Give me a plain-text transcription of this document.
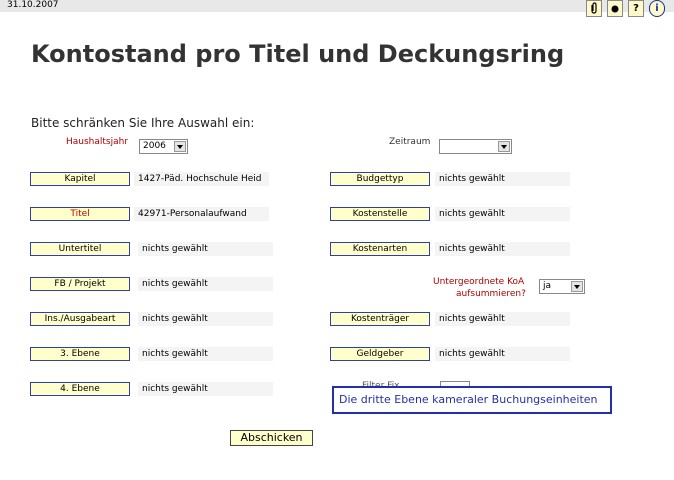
31.10.2007	?	i
Kontostand pro Titel und Deckungsring
Bitte schränken Sie Ihre Auswahl ein:
Haushaltsjahr	2006	Zeitraum
Kapitel	1427-Päd. Hochschule Heid
Titel	42971-Personalaufwand
Untertitel	nichts gewählt
FB / Projekt	nichts gewählt
Ins./Ausgabeart	nichts gewählt
3. Ebene	nichts gewählt
4. Ebene	nichts gewählt
Budgettyp	nichts gewählt
Kostenstelle	nichts gewählt
Kostenarten	nichts gewählt
Untergeordnete KoA
aufsummieren?
ja
Kostenträger	nichts gewählt
Geldgeber	nichts gewählt
Die dritte Ebene kameraler Buchungseinheiten
Abschicken
